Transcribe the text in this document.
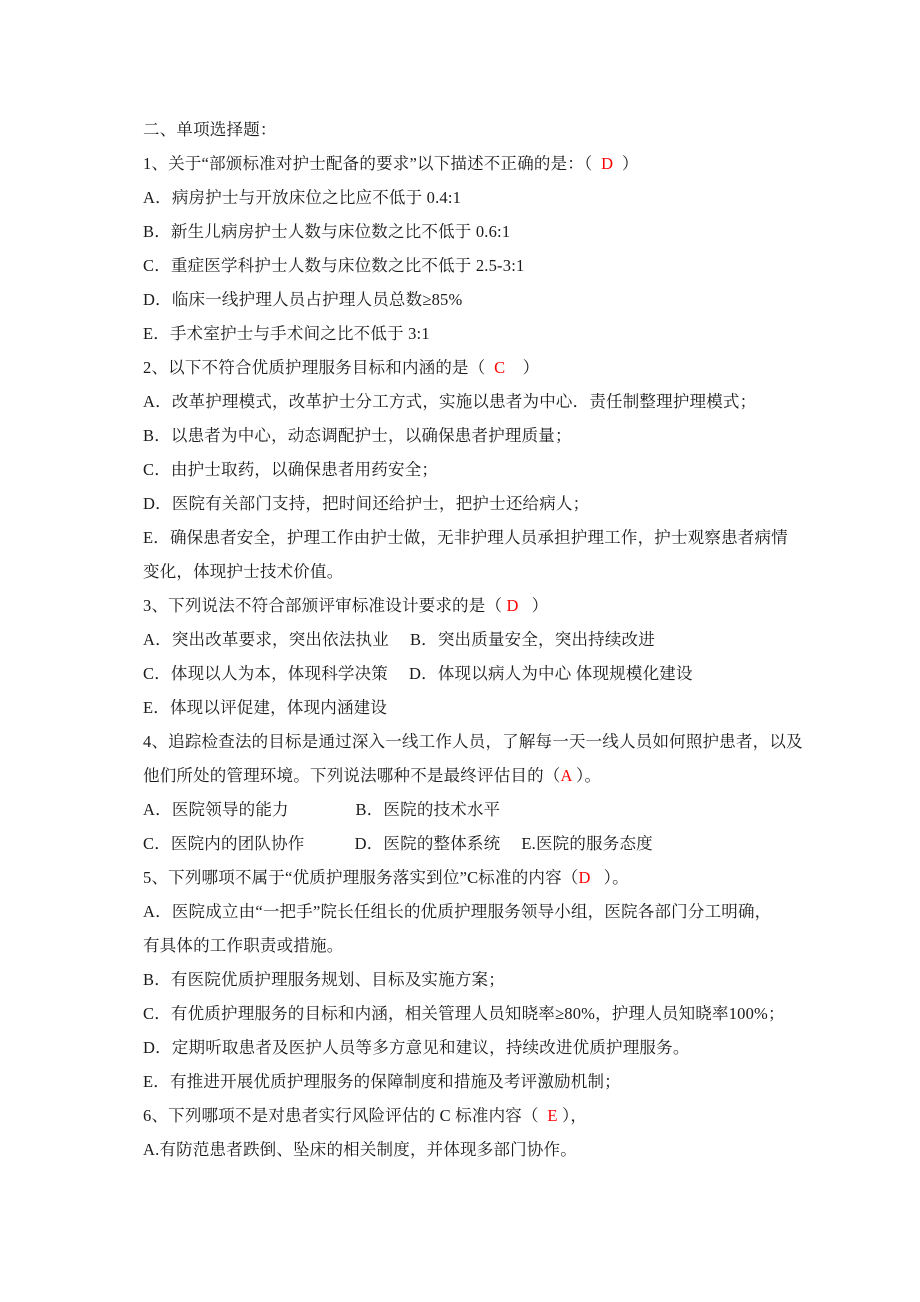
二、单项选择题：
1、关于“部颁标准对护士配备的要求”以下描述不正确的是：（  D  ）
A．病房护士与开放床位之比应不低于 0.4:1
B．新生儿病房护士人数与床位数之比不低于 0.6:1
C．重症医学科护士人数与床位数之比不低于 2.5-3:1
D．临床一线护理人员占护理人员总数≥85%
E．手术室护士与手术间之比不低于 3:1
2、以下不符合优质护理服务目标和内涵的是（  C    ）
A．改革护理模式，改革护士分工方式，实施以患者为中心．责任制整理护理模式；
B．以患者为中心，动态调配护士，以确保患者护理质量；
C．由护士取药，以确保患者用药安全；
D．医院有关部门支持，把时间还给护士，把护士还给病人；
E．确保患者安全，护理工作由护士做，无非护理人员承担护理工作，护士观察患者病情
变化，体现护士技术价值。
3、下列说法不符合部颁评审标准设计要求的是（ D   ）
A．突出改革要求，突出依法执业　 B．突出质量安全，突出持续改进
C．体现以人为本，体现科学决策　 D．体现以病人为中心 体现规模化建设
E．体现以评促建，体现内涵建设
4、追踪检查法的目标是通过深入一线工作人员，了解每一天一线人员如何照护患者，以及
他们所处的管理环境。下列说法哪种不是最终评估目的（A ）。
A．医院领导的能力　　　　B．医院的技术水平
C．医院内的团队协作　　　D．医院的整体系统　 E.医院的服务态度
5、下列哪项不属于“优质护理服务落实到位”C标准的内容（D   ）。
A．医院成立由“一把手”院长任组长的优质护理服务领导小组，医院各部门分工明确，
有具体的工作职责或措施。
B．有医院优质护理服务规划、目标及实施方案；
C．有优质护理服务的目标和内涵，相关管理人员知晓率≥80%，护理人员知晓率100%；
D．定期听取患者及医护人员等多方意见和建议，持续改进优质护理服务。
E．有推进开展优质护理服务的保障制度和措施及考评激励机制；
6、下列哪项不是对患者实行风险评估的 C 标准内容（  E ），
A.有防范患者跌倒、坠床的相关制度，并体现多部门协作。
